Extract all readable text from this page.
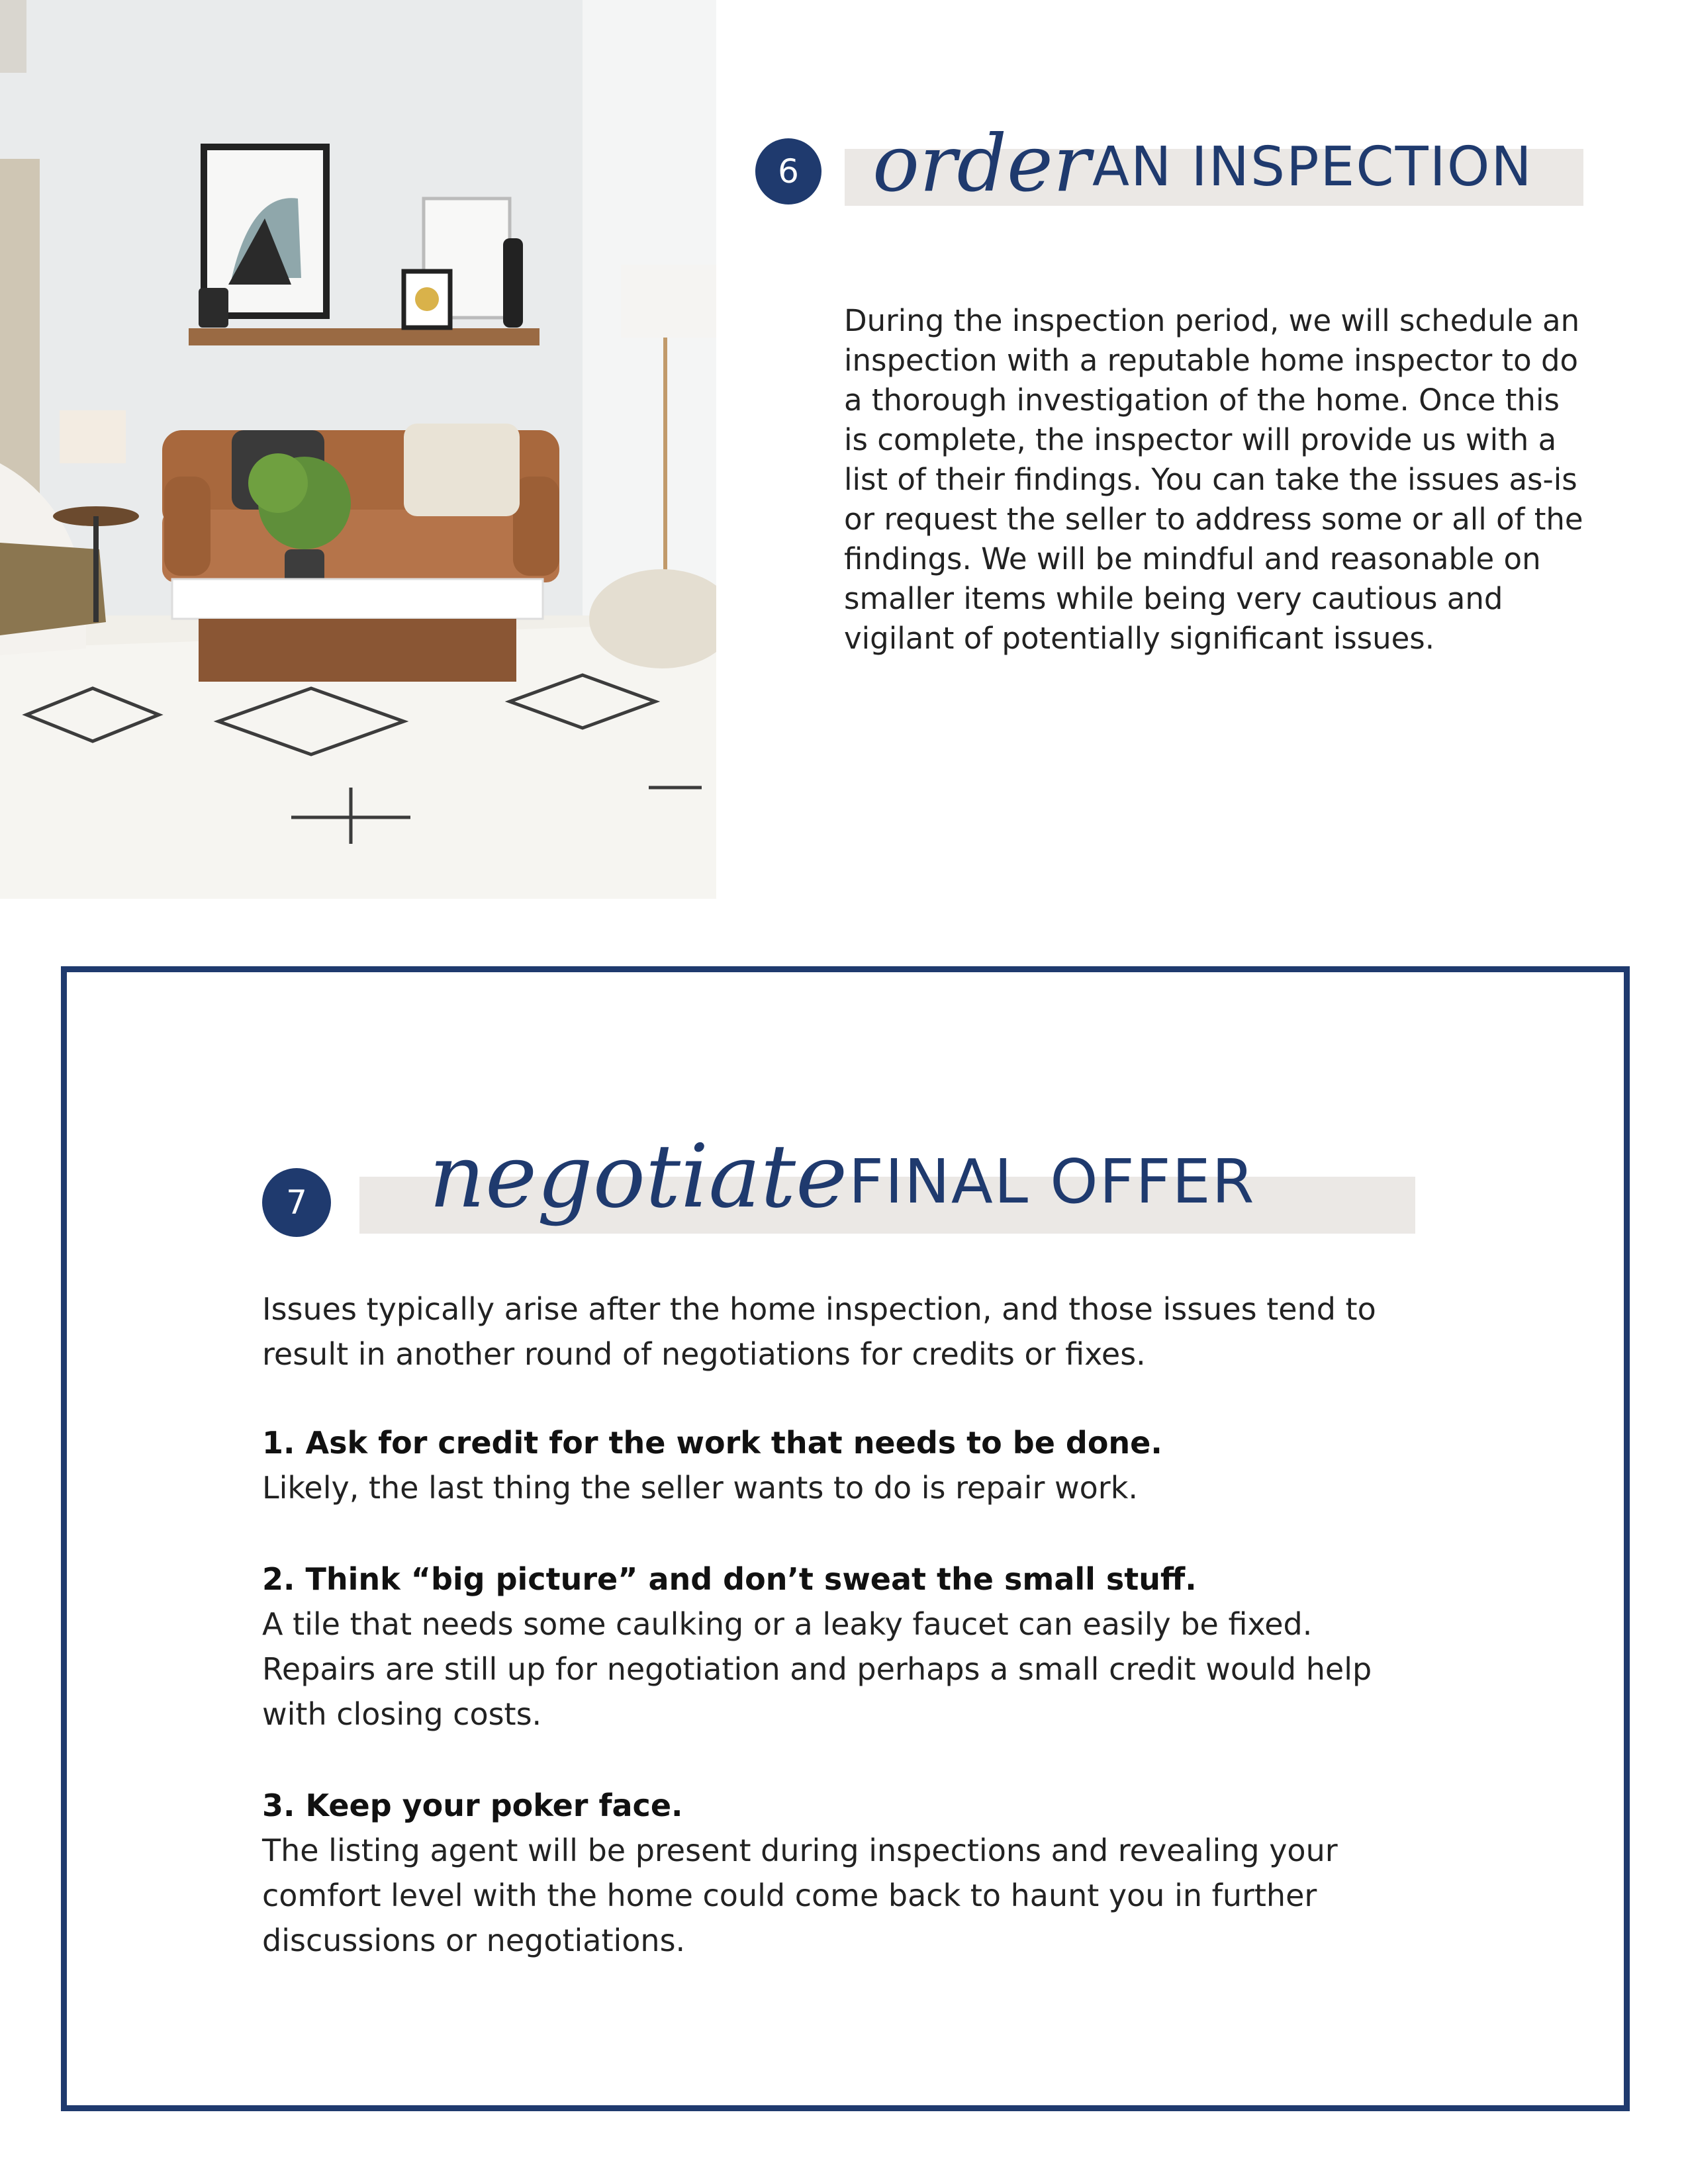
6 order AN INSPECTION

During the inspection period, we will schedule an inspection with a reputable home inspector to do a thorough investigation of the home. Once this is complete, the inspector will provide us with a list of their findings. You can take the issues as-is or request the seller to address some or all of the findings. We will be mindful and reasonable on smaller items while being very cautious and vigilant of potentially significant issues.

7 negotiate FINAL OFFER

Issues typically arise after the home inspection, and those issues tend to result in another round of negotiations for credits or fixes.

1. Ask for credit for the work that needs to be done.

Likely, the last thing the seller wants to do is repair work.

2. Think “big picture” and don’t sweat the small stuff.

A tile that needs some caulking or a leaky faucet can easily be fixed. Repairs are still up for negotiation and perhaps a small credit would help with closing costs.

3. Keep your poker face.

The listing agent will be present during inspections and revealing your comfort level with the home could come back to haunt you in further discussions or negotiations.
